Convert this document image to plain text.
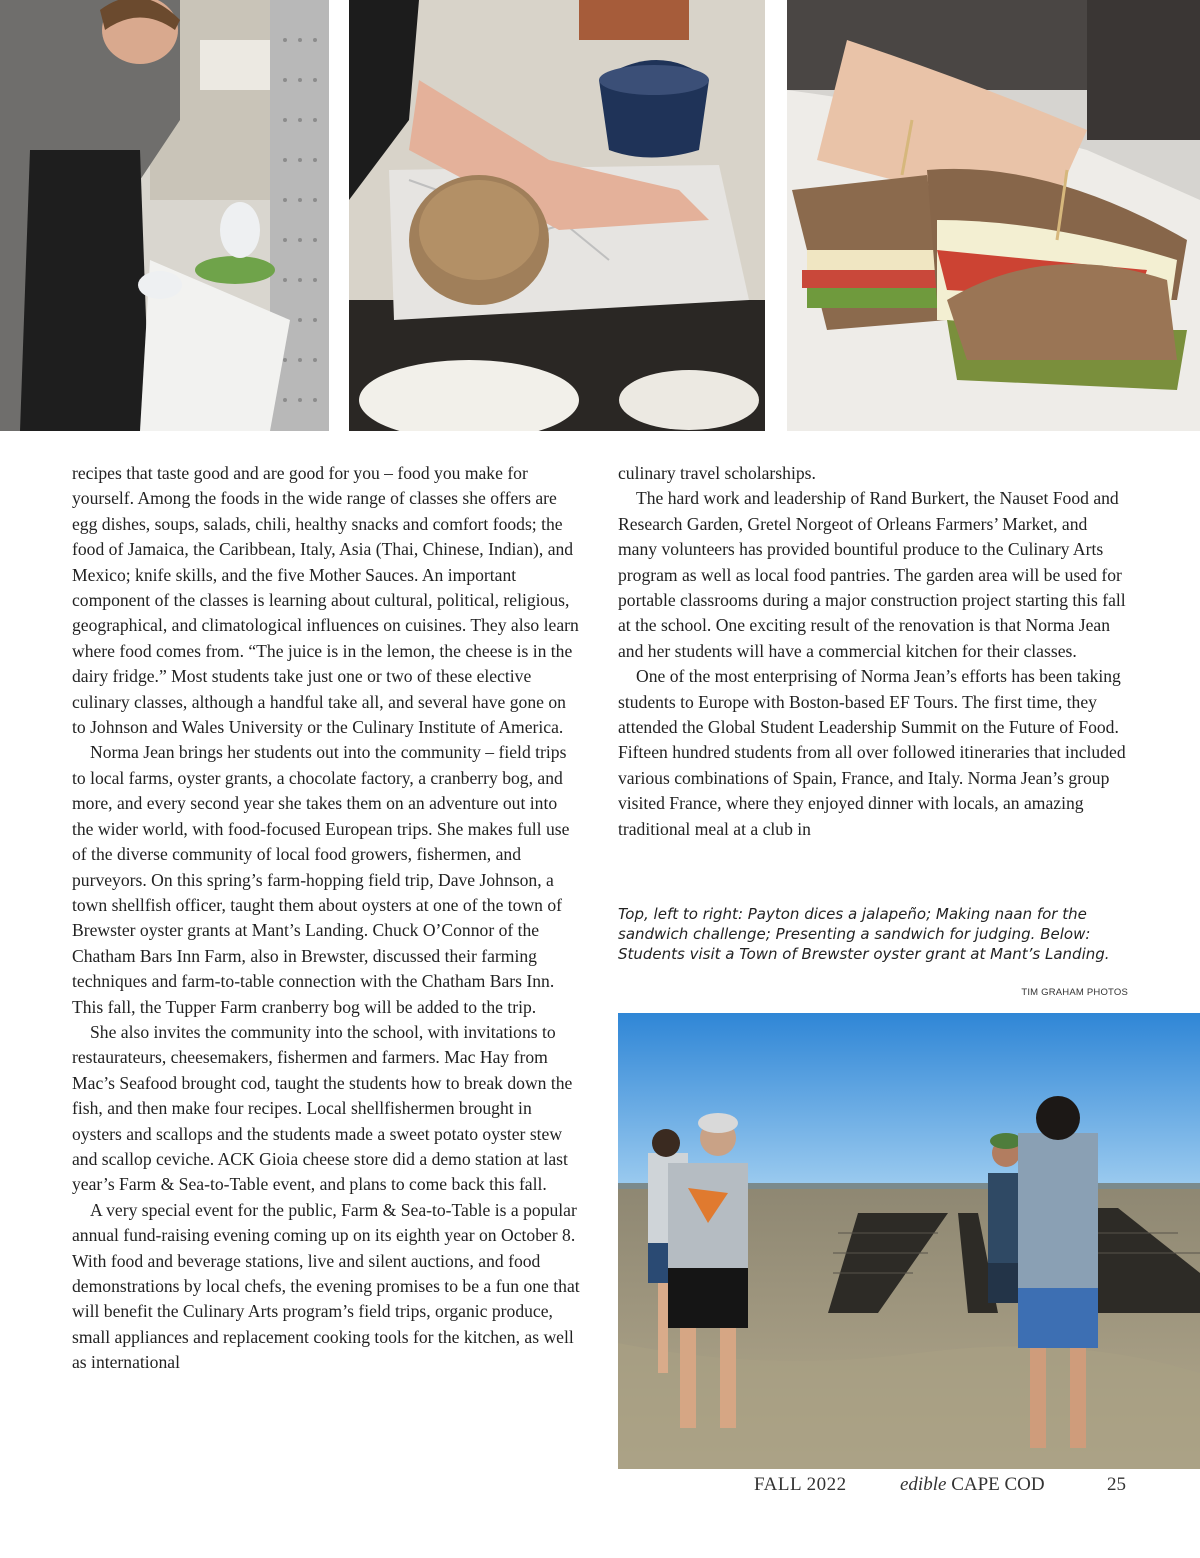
recipes that taste good and are good for you – food you make for yourself. Among the foods in the wide range of classes she offers are egg dishes, soups, salads, chili, healthy snacks and comfort foods; the food of Jamaica, the Caribbean, Italy, Asia (Thai, Chinese, Indian), and Mexico; knife skills, and the five Mother Sauces. An important component of the classes is learning about cultural, political, religious, geographical, and climatological influences on cuisines. They also learn where food comes from. “The juice is in the lemon, the cheese is in the dairy fridge.” Most students take just one or two of these elective culinary classes, although a handful take all, and several have gone on to Johnson and Wales University or the Culinary Institute of America.

Norma Jean brings her students out into the community – field trips to local farms, oyster grants, a chocolate factory, a cranberry bog, and more, and every second year she takes them on an adventure out into the wider world, with food-focused European trips. She makes full use of the diverse community of local food growers, fishermen, and purveyors. On this spring’s farm-hopping field trip, Dave Johnson, a town shellfish officer, taught them about oysters at one of the town of Brewster oyster grants at Mant’s Landing. Chuck O’Connor of the Chatham Bars Inn Farm, also in Brewster, discussed their farming techniques and farm-to-table connection with the Chatham Bars Inn. This fall, the Tupper Farm cranberry bog will be added to the trip.

She also invites the community into the school, with invitations to restaurateurs, cheesemakers, fishermen and farmers. Mac Hay from Mac’s Seafood brought cod, taught the students how to break down the fish, and then make four recipes. Local shellfishermen brought in oysters and scallops and the students made a sweet potato oyster stew and scallop ceviche. ACK Gioia cheese store did a demo station at last year’s Farm & Sea-to-Table event, and plans to come back this fall.

A very special event for the public, Farm & Sea-to-Table is a popular annual fund-raising evening coming up on its eighth year on October 8. With food and beverage stations, live and silent auctions, and food demonstrations by local chefs, the evening promises to be a fun one that will benefit the Culinary Arts program’s field trips, organic produce, small appliances and replacement cooking tools for the kitchen, as well as international

culinary travel scholarships.

The hard work and leadership of Rand Burkert, the Nauset Food and Research Garden, Gretel Norgeot of Orleans Farmers’ Market, and many volunteers has provided bountiful produce to the Culinary Arts program as well as local food pantries. The garden area will be used for portable classrooms during a major construction project starting this fall at the school. One exciting result of the renovation is that Norma Jean and her students will have a commercial kitchen for their classes.

One of the most enterprising of Norma Jean’s efforts has been taking students to Europe with Boston-based EF Tours. The first time, they attended the Global Student Leadership Summit on the Future of Food. Fifteen hundred students from all over followed itineraries that included various combinations of Spain, France, and Italy. Norma Jean’s group visited France, where they enjoyed dinner with locals, an amazing traditional meal at a club in

Top, left to right: Payton dices a jalapeño; Making naan for the sandwich challenge; Presenting a sandwich for judging. Below: Students visit a Town of Brewster oyster grant at Mant’s Landing.
TIM GRAHAM PHOTOS
FALL 2022	edible CAPE COD	25
